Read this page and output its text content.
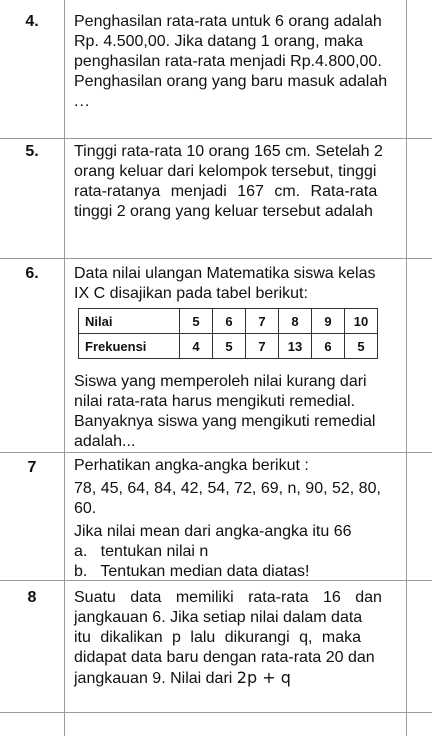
4.	Penghasilan rata-rata untuk 6 orang adalah

Rp. 4.500,00. Jika datang 1 orang, maka

penghasilan rata-rata menjadi Rp.4.800,00.

Penghasilan orang yang baru masuk adalah

...

5.	Tinggi rata-rata 10 orang 165 cm. Setelah 2

orang keluar dari kelompok tersebut, tinggi

rata-ratanya menjadi 167 cm. Rata-rata

tinggi 2 orang yang keluar tersebut adalah

6.	Data nilai ulangan Matematika siswa kelas

IX C disajikan pada tabel berikut:

Nilai	5	6	7	8	9	10
Frekuensi	4	5	7	13	6	5

Siswa yang memperoleh nilai kurang dari

nilai rata-rata harus mengikuti remedial.

Banyaknya siswa yang mengikuti remedial

adalah...

7	Perhatikan angka-angka berikut :

78, 45, 64, 84, 42, 54, 72, 69, n, 90, 52, 80,

60.

Jika nilai mean dari angka-angka itu 66

a.   tentukan nilai n

b.   Tentukan median data diatas!

8	Suatu data memiliki rata-rata 16 dan

jangkauan 6. Jika setiap nilai dalam data

itu dikalikan p lalu dikurangi q, maka

didapat data baru dengan rata-rata 20 dan

jangkauan 9. Nilai dari 2p + q
